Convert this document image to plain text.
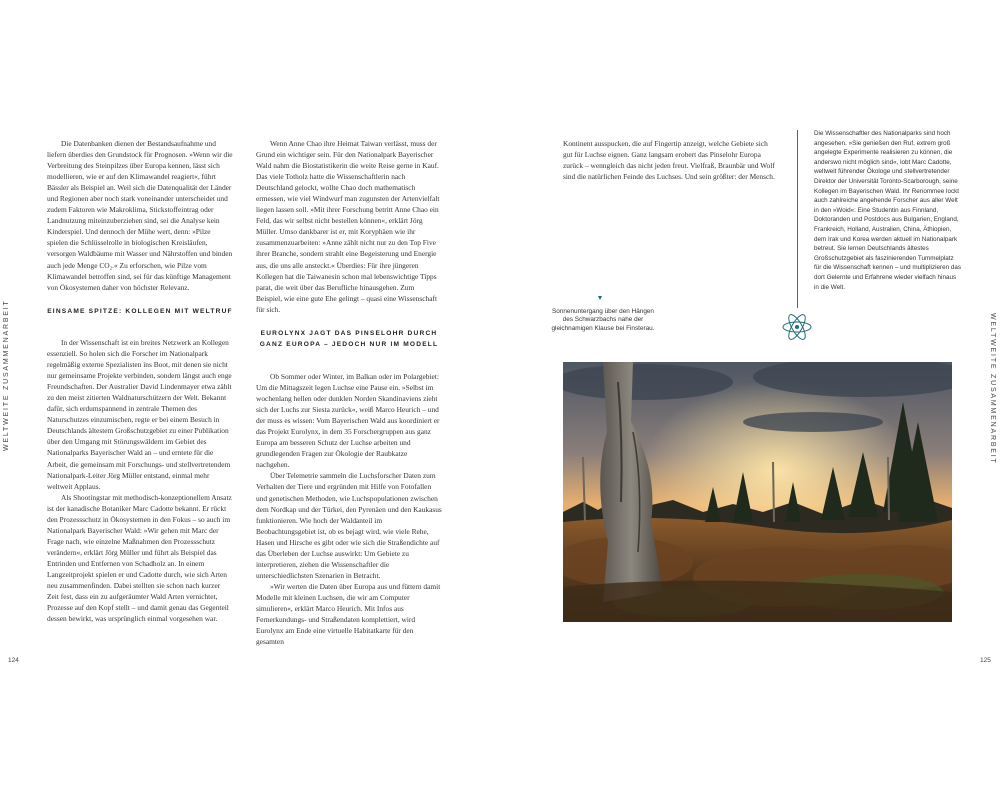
WELTWEITE ZUSAMMENARBEIT	WELTWEITE ZUSAMMENARBEIT

Die Datenbanken dienen der Bestandsaufnahme und liefern überdies den Grundstock für Prognosen. »Wenn wir die Verbreitung des Steinpilzes über Europa kennen, lässt sich modellieren, wie er auf den Klimawandel reagiert«, führt Bässler als Beispiel an. Weil sich die Datenqualität der Länder und Regionen aber noch stark voneinander unterscheidet und zudem Faktoren wie Makroklima, Stickstoffeintrag oder Landnutzung miteinzuberziehen sind, sei die Analyse kein Kinderspiel. Und dennoch der Mühe wert, denn: »Pilze spielen die Schlüsselrolle in biologischen Kreisläufen, versorgen Waldbäume mit Wasser und Nährstoffen und binden auch jede Menge CO₂.« Zu erforschen, wie Pilze vom Klimawandel betroffen sind, sei für das künftige Management von Ökosystemen daher von höchster Relevanz.

EINSAME SPITZE: KOLLEGEN MIT WELTRUF

In der Wissenschaft ist ein breites Netzwerk an Kollegen essenziell. So holen sich die Forscher im Nationalpark regelmäßig externe Spezialisten ins Boot, mit denen sie nicht nur gemeinsame Projekte verbinden, sondern längst auch enge Freundschaften. Der Australier David Lindenmayer etwa zählt zu den meist zitierten Waldnaturschützern der Welt. Bekannt dafür, sich erdumspannend in zentrale Themen des Naturschutzes einzumischen, regte er bei einem Besuch in Deutschlands ältestem Großschutzgebiet zu einer Publikation über den Umgang mit Störungswäldern im Gebiet des Nationalparks Bayerischer Wald an – und erntete für die Arbeit, die gemeinsam mit Forschungs- und stellvertretendem Nationalpark-Leiter Jörg Müller entstand, einmal mehr weltweit Applaus.

Als Shootingstar mit methodisch-konzeptionellem Ansatz ist der kanadische Botaniker Marc Cadotte bekannt. Er rückt den Prozessschutz in Ökosystemen in den Fokus – so auch im Nationalpark Bayerischer Wald: »Wir gehen mit Marc der Frage nach, wie einzelne Maßnahmen den Prozessschutz verändern«, erklärt Jörg Müller und führt als Beispiel das Entrinden und Entfernen von Schadholz an. In einem Langzeitprojekt spielen er und Cadotte durch, wie sich Arten neu zusammenfinden. Dabei stellten sie schon nach kurzer Zeit fest, dass ein zu aufgeräumter Wald Arten vernichtet, Prozesse auf den Kopf stellt – und damit genau das Gegenteil dessen bewirkt, was ursprünglich einmal vorgesehen war.

Wenn Anne Chao ihre Heimat Taiwan verlässt, muss der Grund ein wichtiger sein. Für den Nationalpark Bayerischer Wald nahm die Biostatistikerin die weite Reise gerne in Kauf. Das viele Totholz hatte die Wissenschaftlerin nach Deutschland gelockt, wollte Chao doch mathematisch ermessen, wie viel Windwurf man zugunsten der Artenvielfalt liegen lassen soll. »Mit ihrer Forschung betritt Anne Chao ein Feld, das wir selbst nicht bestellen können«, erklärt Jörg Müller. Umso dankbarer ist er, mit Koryphäen wie ihr zusammenzuarbeiten: »Anne zählt nicht nur zu den Top Five ihrer Branche, sondern strahlt eine Begeisterung und Energie aus, die uns alle ansteckt.« Überdies: Für ihre jüngeren Kollegen hat die Taiwanesin schon mal lebenswichtige Tipps parat, die weit über das Berufliche hinausgehen. Zum Beispiel, wie eine gute Ehe gelingt – quasi eine Wissenschaft für sich.

EUROLYNX JAGT DAS PINSELOHR DURCH GANZ EUROPA – JEDOCH NUR IM MODELL

Ob Sommer oder Winter, im Balkan oder im Polargebiet: Um die Mittagszeit legen Luchse eine Pause ein. »Selbst im wochenlang hellen oder dunklen Norden Skandinaviens zieht sich der Luchs zur Siesta zurück«, weiß Marco Heurich – und der muss es wissen: Vom Bayerischen Wald aus koordiniert er das Projekt Eurolynx, in dem 35 Forschergruppen aus ganz Europa am besseren Schutz der Luchse arbeiten und grundlegenden Fragen zur Ökologie der Raubkatze nachgehen.

Über Telemetrie sammeln die Luchsforscher Daten zum Verhalten der Tiere und ergründen mit Hilfe von Fotofallen und genetischen Methoden, wie Luchspopulationen zwischen dem Nordkap und der Türkei, den Pyrenäen und den Kaukasus funktionieren. Wie hoch der Waldanteil im Beobachtungsgebiet ist, ob es bejagt wird, wie viele Rehe, Hasen und Hirsche es gibt oder wie sich die Straßendichte auf das Überleben der Luchse auswirkt: Um Gebiete zu interpretieren, ziehen die Wissenschaftler die unterschiedlichsten Szenarien in Betracht.

»Wir werten die Daten über Europa aus und füttern damit Modelle mit kleinen Luchsen, die wir am Computer simulieren«, erklärt Marco Heurich. Mit Infos aus Fernerkundungs- und Straßendaten komplettiert, wird Eurolynx am Ende eine virtuelle Habitatkarte für den gesamten

Kontinent ausspucken, die auf Fingertip anzeigt, welche Gebiete sich gut für Luchse eignen. Ganz langsam erobert das Pinselohr Europa zurück – wenngleich das nicht jeden freut. Vielfraß, Braunbär und Wolf sind die natürlichen Feinde des Luchses. Und sein größter: der Mensch.

Die Wissenschaftler des Nationalparks sind hoch angesehen. »Sie genießen den Ruf, extrem groß angelegte Experimente realisieren zu können, die anderswo nicht möglich sind«, lobt Marc Cadotte, weltweit führender Ökologe und stellvertretender Direktor der Universität Toronto-Scarborough, seine Kollegen im Bayerischen Wald. Ihr Renommee lockt auch zahlreiche angehende Forscher aus aller Welt in den »Woid«: Eine Studentin aus Finnland, Doktoranden und Postdocs aus Bulgarien, England, Frankreich, Holland, Australien, China, Äthiopien, dem Irak und Korea werden aktuell im Nationalpark betreut. Sie lernen Deutschlands ältestes Großschutzgebiet als faszinierenden Tummelplatz für die Wissenschaft kennen – und multiplizieren das dort Gelernte und Erfahrene wieder vielfach hinaus in die Welt.

Sonnenuntergang über den Hängen des Schwarzbachs nahe der gleichnamigen Klause bei Finsterau.
124	125
